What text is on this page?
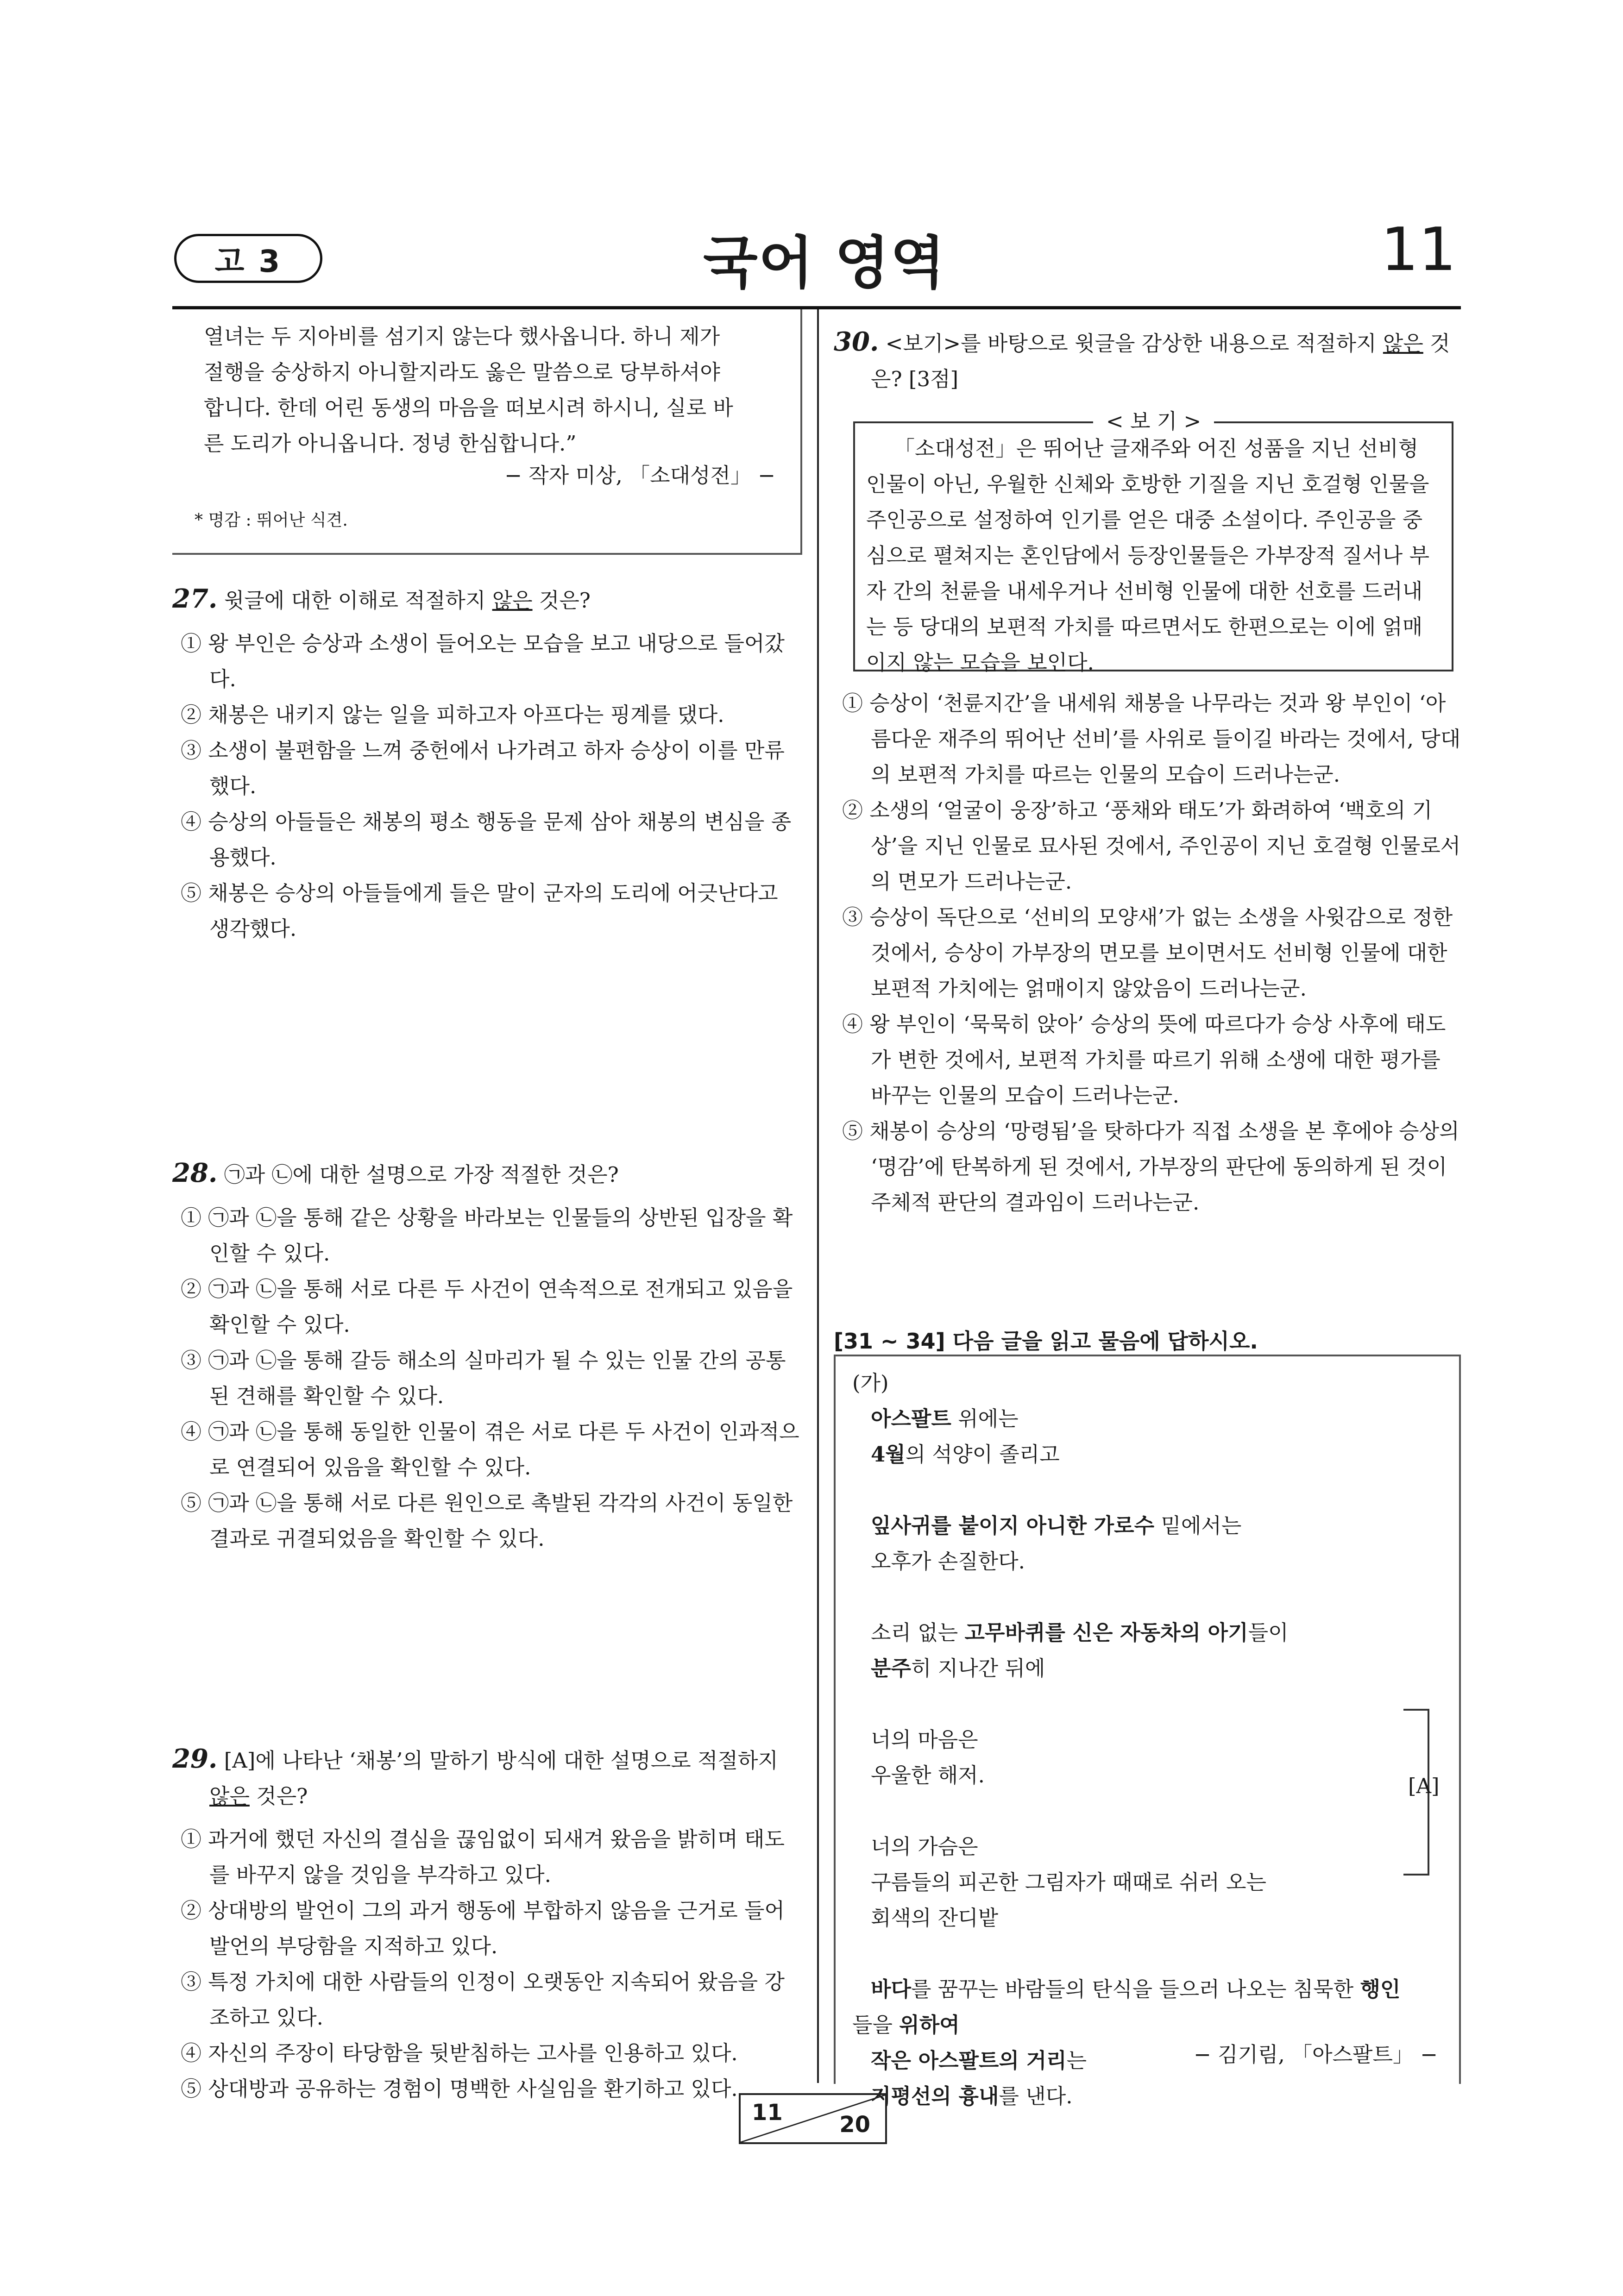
고 3	국어 영역	11
열녀는 두 지아비를 섬기지 않는다 했사옵니다. 하니 제가
절행을 숭상하지 아니할지라도 옳은 말씀으로 당부하셔야
합니다. 한데 어린 동생의 마음을 떠보시려 하시니, 실로 바
른 도리가 아니옵니다. 정녕 한심합니다.”
− 작자 미상, 「소대성전」 −
* 명감 : 뛰어난 식견.
27. 윗글에 대한 이해로 적절하지 않은 것은?
① 왕 부인은 승상과 소생이 들어오는 모습을 보고 내당으로 들어갔다.
② 채봉은 내키지 않는 일을 피하고자 아프다는 핑계를 댔다.
③ 소생이 불편함을 느껴 중헌에서 나가려고 하자 승상이 이를 만류했다.
④ 승상의 아들들은 채봉의 평소 행동을 문제 삼아 채봉의 변심을 종용했다.
⑤ 채봉은 승상의 아들들에게 들은 말이 군자의 도리에 어긋난다고 생각했다.
28. ㉠과 ㉡에 대한 설명으로 가장 적절한 것은?
① ㉠과 ㉡을 통해 같은 상황을 바라보는 인물들의 상반된 입장을 확인할 수 있다.
② ㉠과 ㉡을 통해 서로 다른 두 사건이 연속적으로 전개되고 있음을 확인할 수 있다.
③ ㉠과 ㉡을 통해 갈등 해소의 실마리가 될 수 있는 인물 간의 공통된 견해를 확인할 수 있다.
④ ㉠과 ㉡을 통해 동일한 인물이 겪은 서로 다른 두 사건이 인과적으로 연결되어 있음을 확인할 수 있다.
⑤ ㉠과 ㉡을 통해 서로 다른 원인으로 촉발된 각각의 사건이 동일한 결과로 귀결되었음을 확인할 수 있다.
29. [A]에 나타난 ‘채봉’의 말하기 방식에 대한 설명으로 적절하지 않은 것은?
① 과거에 했던 자신의 결심을 끊임없이 되새겨 왔음을 밝히며 태도를 바꾸지 않을 것임을 부각하고 있다.
② 상대방의 발언이 그의 과거 행동에 부합하지 않음을 근거로 들어 발언의 부당함을 지적하고 있다.
③ 특정 가치에 대한 사람들의 인정이 오랫동안 지속되어 왔음을 강조하고 있다.
④ 자신의 주장이 타당함을 뒷받침하는 고사를 인용하고 있다.
⑤ 상대방과 공유하는 경험이 명백한 사실임을 환기하고 있다.
30. <보기>를 바탕으로 윗글을 감상한 내용으로 적절하지 않은 것은? [3점]
< 보 기 >
「소대성전」은 뛰어난 글재주와 어진 성품을 지닌 선비형 인물이 아닌, 우월한 신체와 호방한 기질을 지닌 호걸형 인물을 주인공으로 설정하여 인기를 얻은 대중 소설이다. 주인공을 중심으로 펼쳐지는 혼인담에서 등장인물들은 가부장적 질서나 부자 간의 천륜을 내세우거나 선비형 인물에 대한 선호를 드러내는 등 당대의 보편적 가치를 따르면서도 한편으로는 이에 얽매이지 않는 모습을 보인다.
① 승상이 ‘천륜지간’을 내세워 채봉을 나무라는 것과 왕 부인이 ‘아름다운 재주의 뛰어난 선비’를 사위로 들이길 바라는 것에서, 당대의 보편적 가치를 따르는 인물의 모습이 드러나는군.
② 소생의 ‘얼굴이 웅장’하고 ‘풍채와 태도’가 화려하여 ‘백호의 기상’을 지닌 인물로 묘사된 것에서, 주인공이 지닌 호걸형 인물로서의 면모가 드러나는군.
③ 승상이 독단으로 ‘선비의 모양새’가 없는 소생을 사윗감으로 정한 것에서, 승상이 가부장의 면모를 보이면서도 선비형 인물에 대한 보편적 가치에는 얽매이지 않았음이 드러나는군.
④ 왕 부인이 ‘묵묵히 앉아’ 승상의 뜻에 따르다가 승상 사후에 태도가 변한 것에서, 보편적 가치를 따르기 위해 소생에 대한 평가를 바꾸는 인물의 모습이 드러나는군.
⑤ 채봉이 승상의 ‘망령됨’을 탓하다가 직접 소생을 본 후에야 승상의 ‘명감’에 탄복하게 된 것에서, 가부장의 판단에 동의하게 된 것이 주체적 판단의 결과임이 드러나는군.
[31 ~ 34] 다음 글을 읽고 물음에 답하시오.
(가)
아스팔트 위에는
4월의 석양이 졸리고
잎사귀를 붙이지 아니한 가로수 밑에서는
오후가 손질한다.
소리 없는 고무바퀴를 신은 자동차의 아기들이
분주히 지나간 뒤에
너의 마음은
우울한 해저.
너의 가슴은
구름들의 피곤한 그림자가 때때로 쉬러 오는
회색의 잔디밭
바다를 꿈꾸는 바람들의 탄식을 들으러 나오는 침묵한 행인
들을 위하여
작은 아스팔트의 거리는
지평선의 흉내를 낸다.
[A]
− 김기림, 「아스팔트」 −
11	20
